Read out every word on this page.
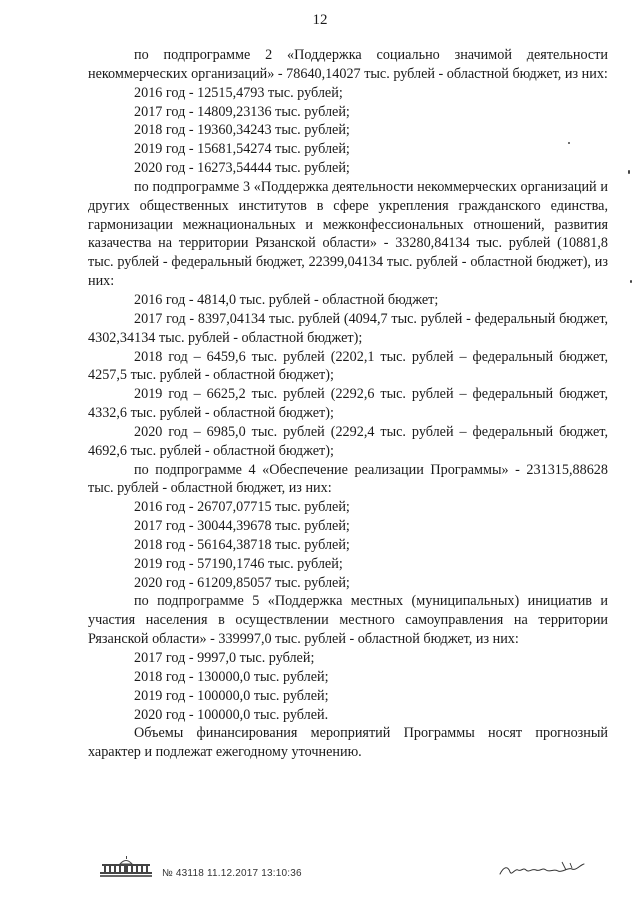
12

по подпрограмме 2 «Поддержка социально значимой деятельности некоммерческих организаций» - 78640,14027 тыс. рублей - областной бюджет, из них:

2016 год - 12515,4793 тыс. рублей;

2017 год - 14809,23136 тыс. рублей;

2018 год - 19360,34243 тыс. рублей;

2019 год - 15681,54274 тыс. рублей;

2020 год - 16273,54444 тыс. рублей;

по подпрограмме 3 «Поддержка деятельности некоммерческих организаций и других общественных институтов в сфере укрепления гражданского единства, гармонизации межнациональных и межконфессиональных отношений, развития казачества на территории Рязанской области» - 33280,84134 тыс. рублей (10881,8 тыс. рублей - федеральный бюджет, 22399,04134 тыс. рублей - областной бюджет), из них:

2016 год - 4814,0 тыс. рублей - областной бюджет;

2017 год - 8397,04134 тыс. рублей (4094,7 тыс. рублей - федеральный бюджет, 4302,34134 тыс. рублей - областной бюджет);

2018 год – 6459,6 тыс. рублей (2202,1 тыс. рублей – федеральный бюджет, 4257,5 тыс. рублей - областной бюджет);

2019 год – 6625,2 тыс. рублей (2292,6 тыс. рублей – федеральный бюджет, 4332,6 тыс. рублей - областной бюджет);

2020 год – 6985,0 тыс. рублей (2292,4 тыс. рублей – федеральный бюджет, 4692,6 тыс. рублей - областной бюджет);

по подпрограмме 4 «Обеспечение реализации Программы» - 231315,88628 тыс. рублей - областной бюджет, из них:

2016 год - 26707,07715 тыс. рублей;

2017 год - 30044,39678 тыс. рублей;

2018 год - 56164,38718 тыс. рублей;

2019 год - 57190,1746 тыс. рублей;

2020 год - 61209,85057 тыс. рублей;

по подпрограмме 5 «Поддержка местных (муниципальных) инициатив и участия населения в осуществлении местного самоуправления на территории Рязанской области» - 339997,0 тыс. рублей - областной бюджет, из них:

2017 год - 9997,0 тыс. рублей;

2018 год - 130000,0 тыс. рублей;

2019 год - 100000,0 тыс. рублей;

2020 год - 100000,0 тыс. рублей.

Объемы финансирования мероприятий Программы носят прогнозный характер и подлежат ежегодному уточнению.

№ 43118 11.12.2017 13:10:36
